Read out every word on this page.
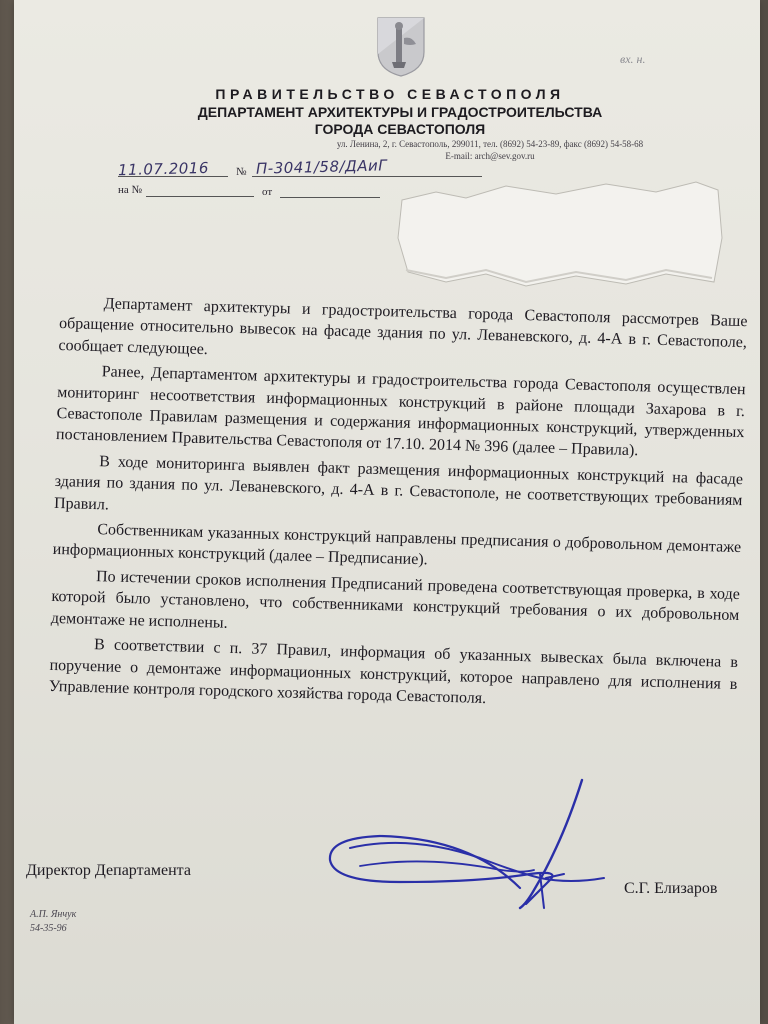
вх. н.
ПРАВИТЕЛЬСТВО СЕВАСТОПОЛЯ
ДЕПАРТАМЕНТ АРХИТЕКТУРЫ И ГРАДОСТРОИТЕЛЬСТВА
ГОРОДА СЕВАСТОПОЛЯ
ул. Ленина, 2, г. Севастополь, 299011, тел. (8692) 54-23-89, факс (8692) 54-58-68
E-mail: arch@sev.gov.ru
11.07.2016 № П-3041/58/ДАиГ
на №	от

Департамент архитектуры и градостроительства города Севастополя рассмотрев Ваше обращение относительно вывесок на фасаде здания по ул. Леваневского, д. 4-А в г. Севастополе, сообщает следующее.

Ранее, Департаментом архитектуры и градостроительства города Севастополя осуществлен мониторинг несоответствия информационных конструкций в районе площади Захарова в г. Севастополе Правилам размещения и содержания информационных конструкций, утвержденных постановлением Правительства Севастополя от 17.10. 2014 № 396 (далее – Правила).

В ходе мониторинга выявлен факт размещения информационных конструкций на фасаде здания по здания по ул. Леваневского, д. 4-А в г. Севастополе, не соответствующих требованиям Правил.

Собственникам указанных конструкций направлены предписания о добровольном демонтаже информационных конструкций (далее – Предписание).

По истечении сроков исполнения Предписаний проведена соответствующая проверка, в ходе которой было установлено, что собственниками конструкций требования о их добровольном демонтаже не исполнены.

В соответствии с п. 37 Правил, информация об указанных вывесках была включена в поручение о демонтаже информационных конструкций, которое направлено для исполнения в Управление контроля городского хозяйства города Севастополя.

Директор Департамента
С.Г. Елизаров
А.П. Янчук
54-35-96
